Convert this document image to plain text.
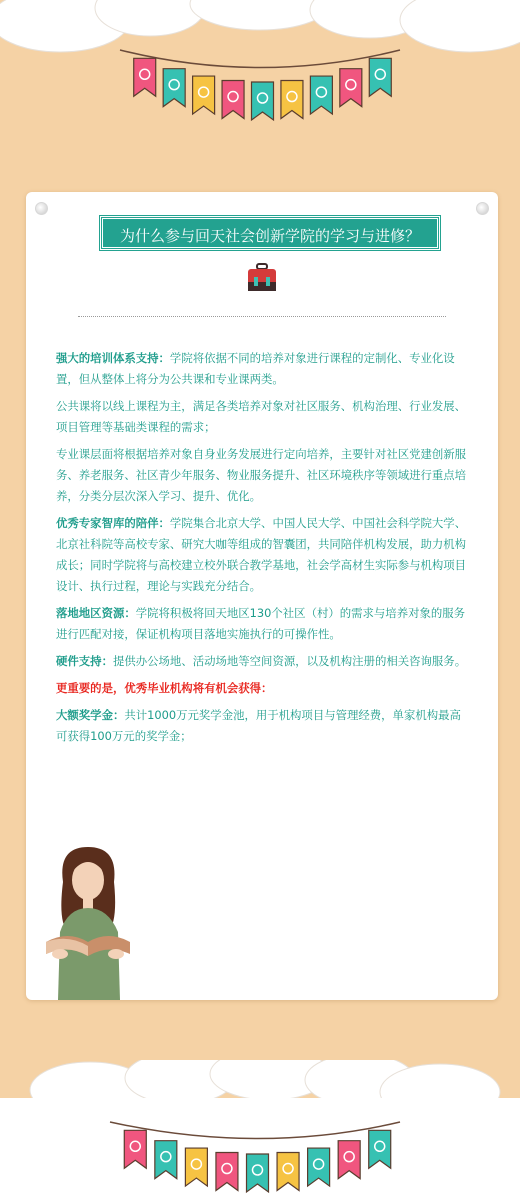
为什么参与回天社会创新学院的学习与进修？

强大的培训体系支持：学院将依据不同的培养对象进行课程的定制化、专业化设置，但从整体上将分为公共课和专业课两类。

公共课将以线上课程为主，满足各类培养对象对社区服务、机构治理、行业发展、项目管理等基础类课程的需求；

专业课层面将根据培养对象自身业务发展进行定向培养，主要针对社区党建创新服务、养老服务、社区青少年服务、物业服务提升、社区环境秩序等领域进行重点培养，分类分层次深入学习、提升、优化。

优秀专家智库的陪伴：学院集合北京大学、中国人民大学、中国社会科学院大学、北京社科院等高校专家、研究大咖等组成的智囊团，共同陪伴机构发展，助力机构成长；同时学院将与高校建立校外联合教学基地，社会学高材生实际参与机构项目设计、执行过程，理论与实践充分结合。

落地地区资源：学院将积极将回天地区130个社区（村）的需求与培养对象的服务进行匹配对接，保证机构项目落地实施执行的可操作性。

硬件支持：提供办公场地、活动场地等空间资源，以及机构注册的相关咨询服务。

更重要的是，优秀毕业机构将有机会获得：

大额奖学金：共计1000万元奖学金池，用于机构项目与管理经费，单家机构最高可获得100万元的奖学金；
